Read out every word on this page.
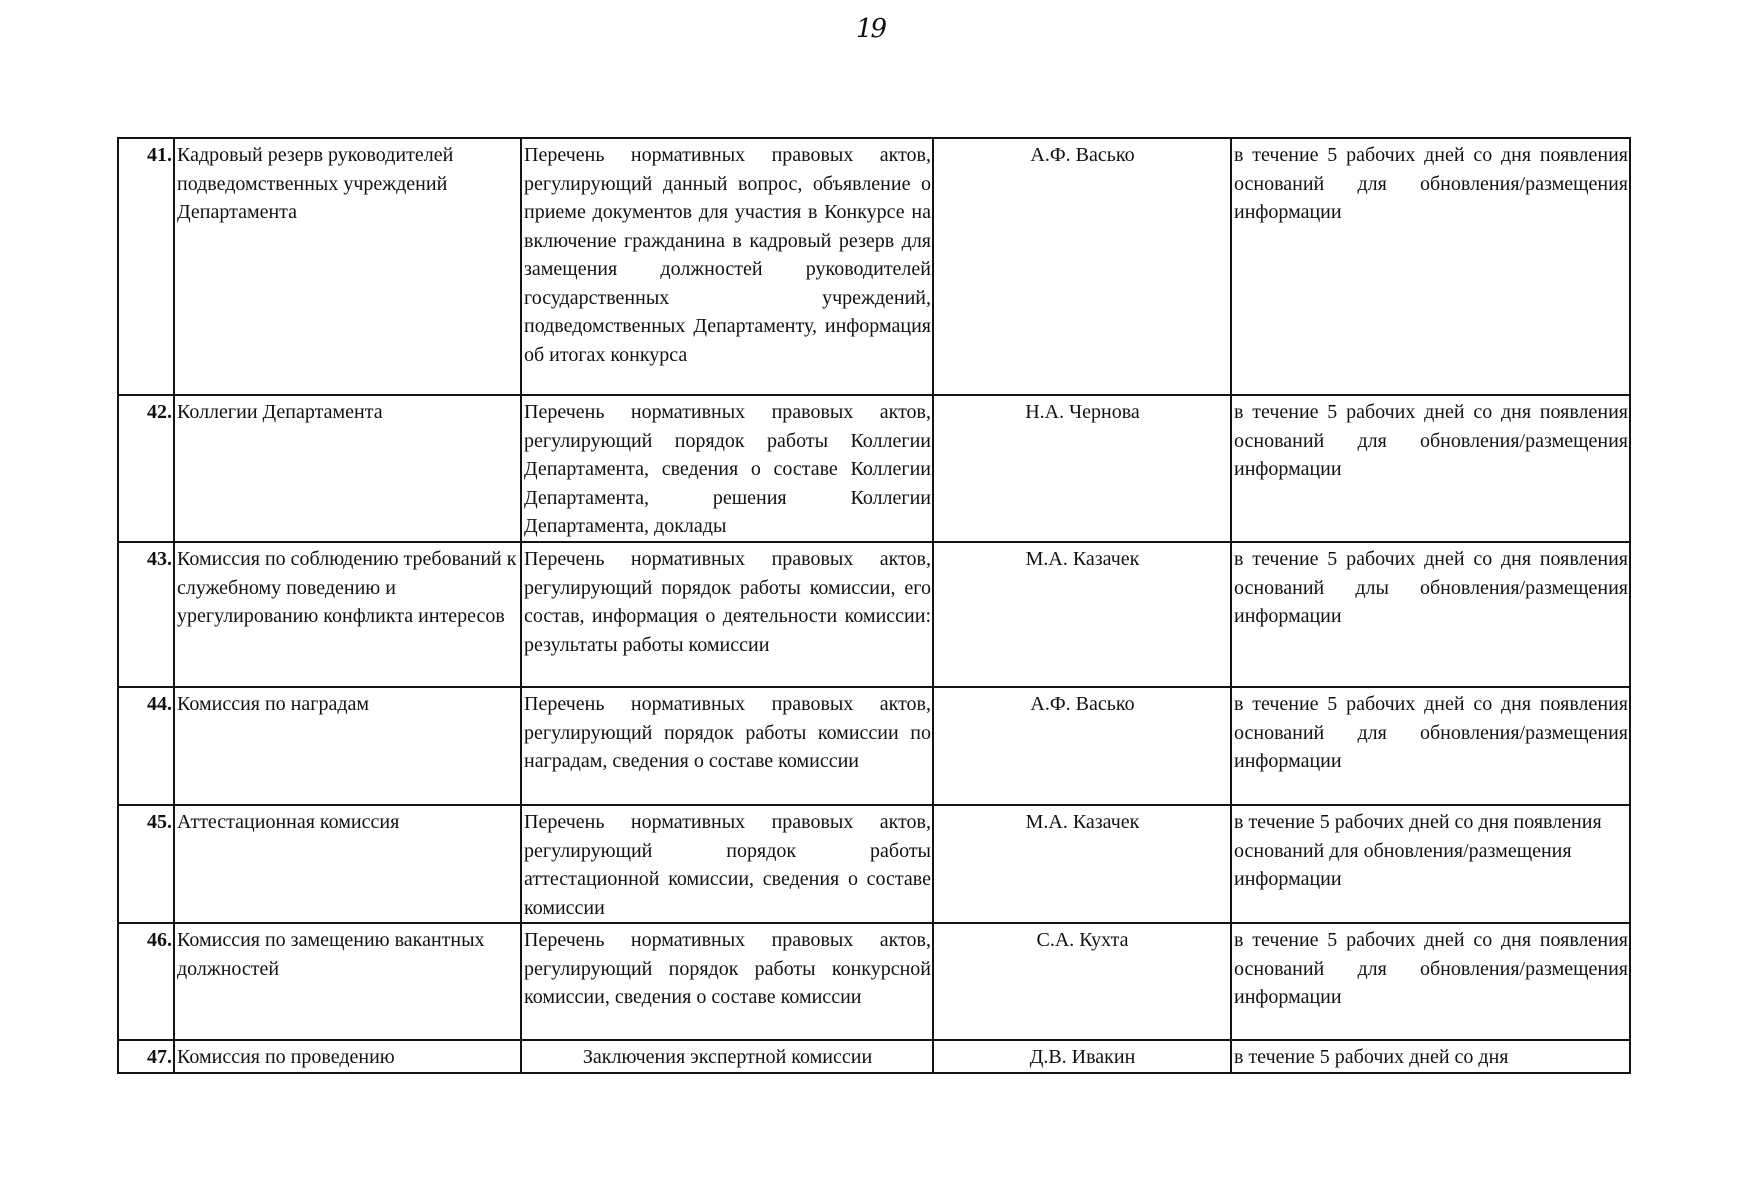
19
41.	Кадровый резерв руководителей подведомственных учреждений Департамента	Перечень нормативных правовых актов, регулирующий данный вопрос, объявление о приеме документов для участия в Конкурсе на включение гражданина в кадровый резерв для замещения должностей руководителей государственных учреждений, подведомственных Департаменту, информация об итогах конкурса	А.Ф. Васько	в течение 5 рабочих дней со дня появления оснований для обновления/размещения информации
42.	Коллегии Департамента	Перечень нормативных правовых актов, регулирующий порядок работы Коллегии Департамента, сведения о составе Коллегии Департамента, решения Коллегии Департамента, доклады	Н.А. Чернова	в течение 5 рабочих дней со дня появления оснований для обновления/размещения информации
43.	Комиссия по соблюдению требований к служебному поведению и урегулированию конфликта интересов	Перечень нормативных правовых актов, регулирующий порядок работы комиссии, его состав, информация о деятельности комиссии: результаты работы комиссии	М.А. Казачек	в течение 5 рабочих дней со дня появления оснований длы обновления/размещения информации
44.	Комиссия по наградам	Перечень нормативных правовых актов, регулирующий порядок работы комиссии по наградам, сведения о составе комиссии	А.Ф. Васько	в течение 5 рабочих дней со дня появления оснований для обновления/размещения информации
45.	Аттестационная комиссия	Перечень нормативных правовых актов, регулирующий порядок работы аттестационной комиссии, сведения о составе комиссии	М.А. Казачек	в течение 5 рабочих дней со дня появления оснований для обновления/размещения информации
46.	Комиссия по замещению вакантных должностей	Перечень нормативных правовых актов, регулирующий порядок работы конкурсной комиссии, сведения о составе комиссии	С.А. Кухта	в течение 5 рабочих дней со дня появления оснований для обновления/размещения информации
47.	Комиссия по проведению	Заключения экспертной комиссии	Д.В. Ивакин	в течение 5 рабочих дней со дня
